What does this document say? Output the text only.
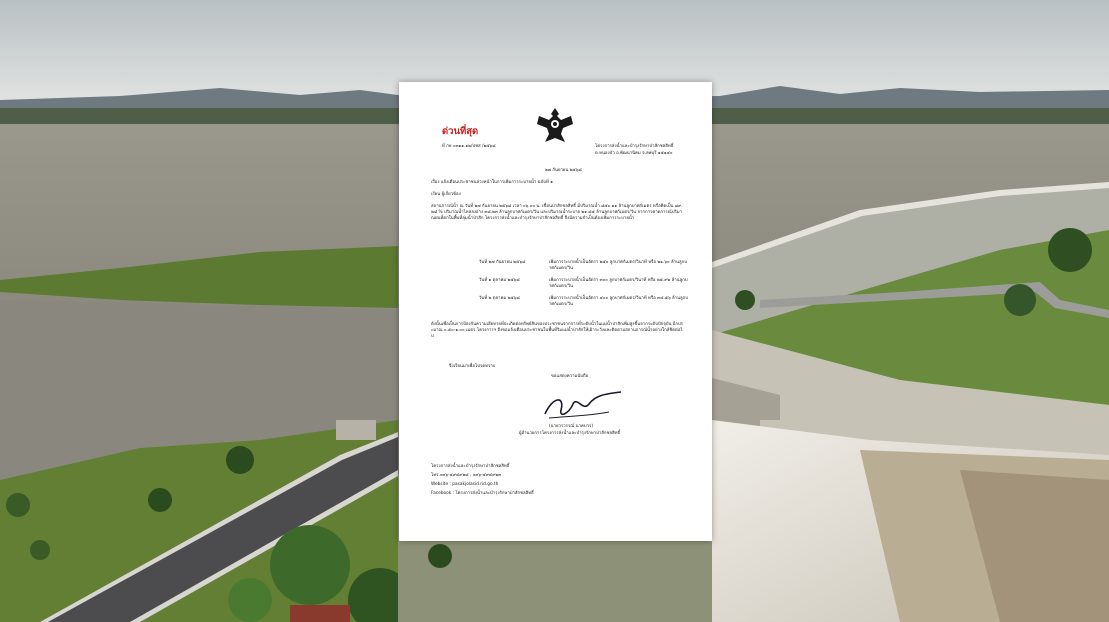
ด่วนที่สุด
ที่ กษ ๐๓๑๑.๑๒/ปชส /๒๕๖๘	โครงการส่งน้ำและบำรุงรักษาป่าสักชลสิทธิ์
ต.หนองบัว อ.พัฒนานิคม จ.ลพบุรี ๑๕๑๔๐
๒๗ กันยายน ๒๕๖๘
เรื่อง แจ้งเตือนประชาชนล่วงหน้าในการเพิ่มการระบายน้ำ ฉบับที่ ๑
เรียน ผู้เกี่ยวข้อง
สถานการณ์น้ำ ณ วันที่ ๒๗ กันยายน ๒๕๖๘ เวลา ๐๖.๐๐ น. เขื่อนป่าสักชลสิทธิ์ มีปริมาณน้ำ ๘๕๐.๑๑ ล้านลูกบาศก์เมตร หรือคิดเป็น ๘๙.๒๘ % ปริมาณน้ำไหลลงอ่าง ๓๘.๒๓ ล้านลูกบาศก์เมตร/วัน และปริมาณน้ำระบาย ๒๑.๘๕ ล้านลูกบาศก์เมตร/วัน จากการคาดการณ์ปริมาณฝนที่ตกในพื้นที่ลุ่มน้ำป่าสัก โครงการส่งน้ำและบำรุงรักษาป่าสักชลสิทธิ์ จึงมีความจำเป็นต้องเพิ่มการระบายน้ำ
วันที่ ๒๗ กันยายน ๒๕๖๘	เพิ่มการระบายน้ำเป็นอัตรา ๒๕๐ ลูกบาศก์เมตร/วินาที หรือ ๒๑.๖๐ ล้านลูกบาศก์เมตร/วัน
วันที่ ๑ ตุลาคม ๒๕๖๘	เพิ่มการระบายน้ำเป็นอัตรา ๓๐๐ ลูกบาศก์เมตร/วินาที หรือ ๒๕.๙๒ ล้านลูกบาศก์เมตร/วัน
วันที่ ๒ ตุลาคม ๒๕๖๘	เพิ่มการระบายน้ำเป็นอัตรา ๔๐๐ ลูกบาศก์เมตร/วินาที หรือ ๓๔.๕๖ ล้านลูกบาศก์เมตร/วัน
ดังนั้นเพื่อเป็นการป้องกันความเสียหายที่จะเกิดต่อทรัพย์สินของประชาชนจากการที่ระดับน้ำในแม่น้ำป่าสักเพิ่มสูงขึ้นจากระดับปัจจุบัน อีกประมาณ ๐.๕๐-๑.๐๐ เมตร โครงการฯ จึงขอแจ้งเตือนประชาชนในพื้นที่ริมแม่น้ำป่าสักให้เฝ้าระวังและติดตามสถานการณ์น้ำอย่างใกล้ชิดต่อไป
จึงเรียนมาเพื่อโปรดทราบ
ขอแสดงความนับถือ
(นายวรวรรณ์ นาคบวร)
ผู้อำนวยการโครงการส่งน้ำและบำรุงรักษาป่าสักชลสิทธิ์
โครงการส่งน้ำและบำรุงรักษาป่าสักชลสิทธิ์
โทร.๐๓๖-๔๙๔๙๒๘ , ๐๓๖-๔๙๔๙๒๓
Website : pasakjolasid.rid.go.th
Facebook : โครงการส่งน้ำและบำรุงรักษาป่าสักชลสิทธิ์
